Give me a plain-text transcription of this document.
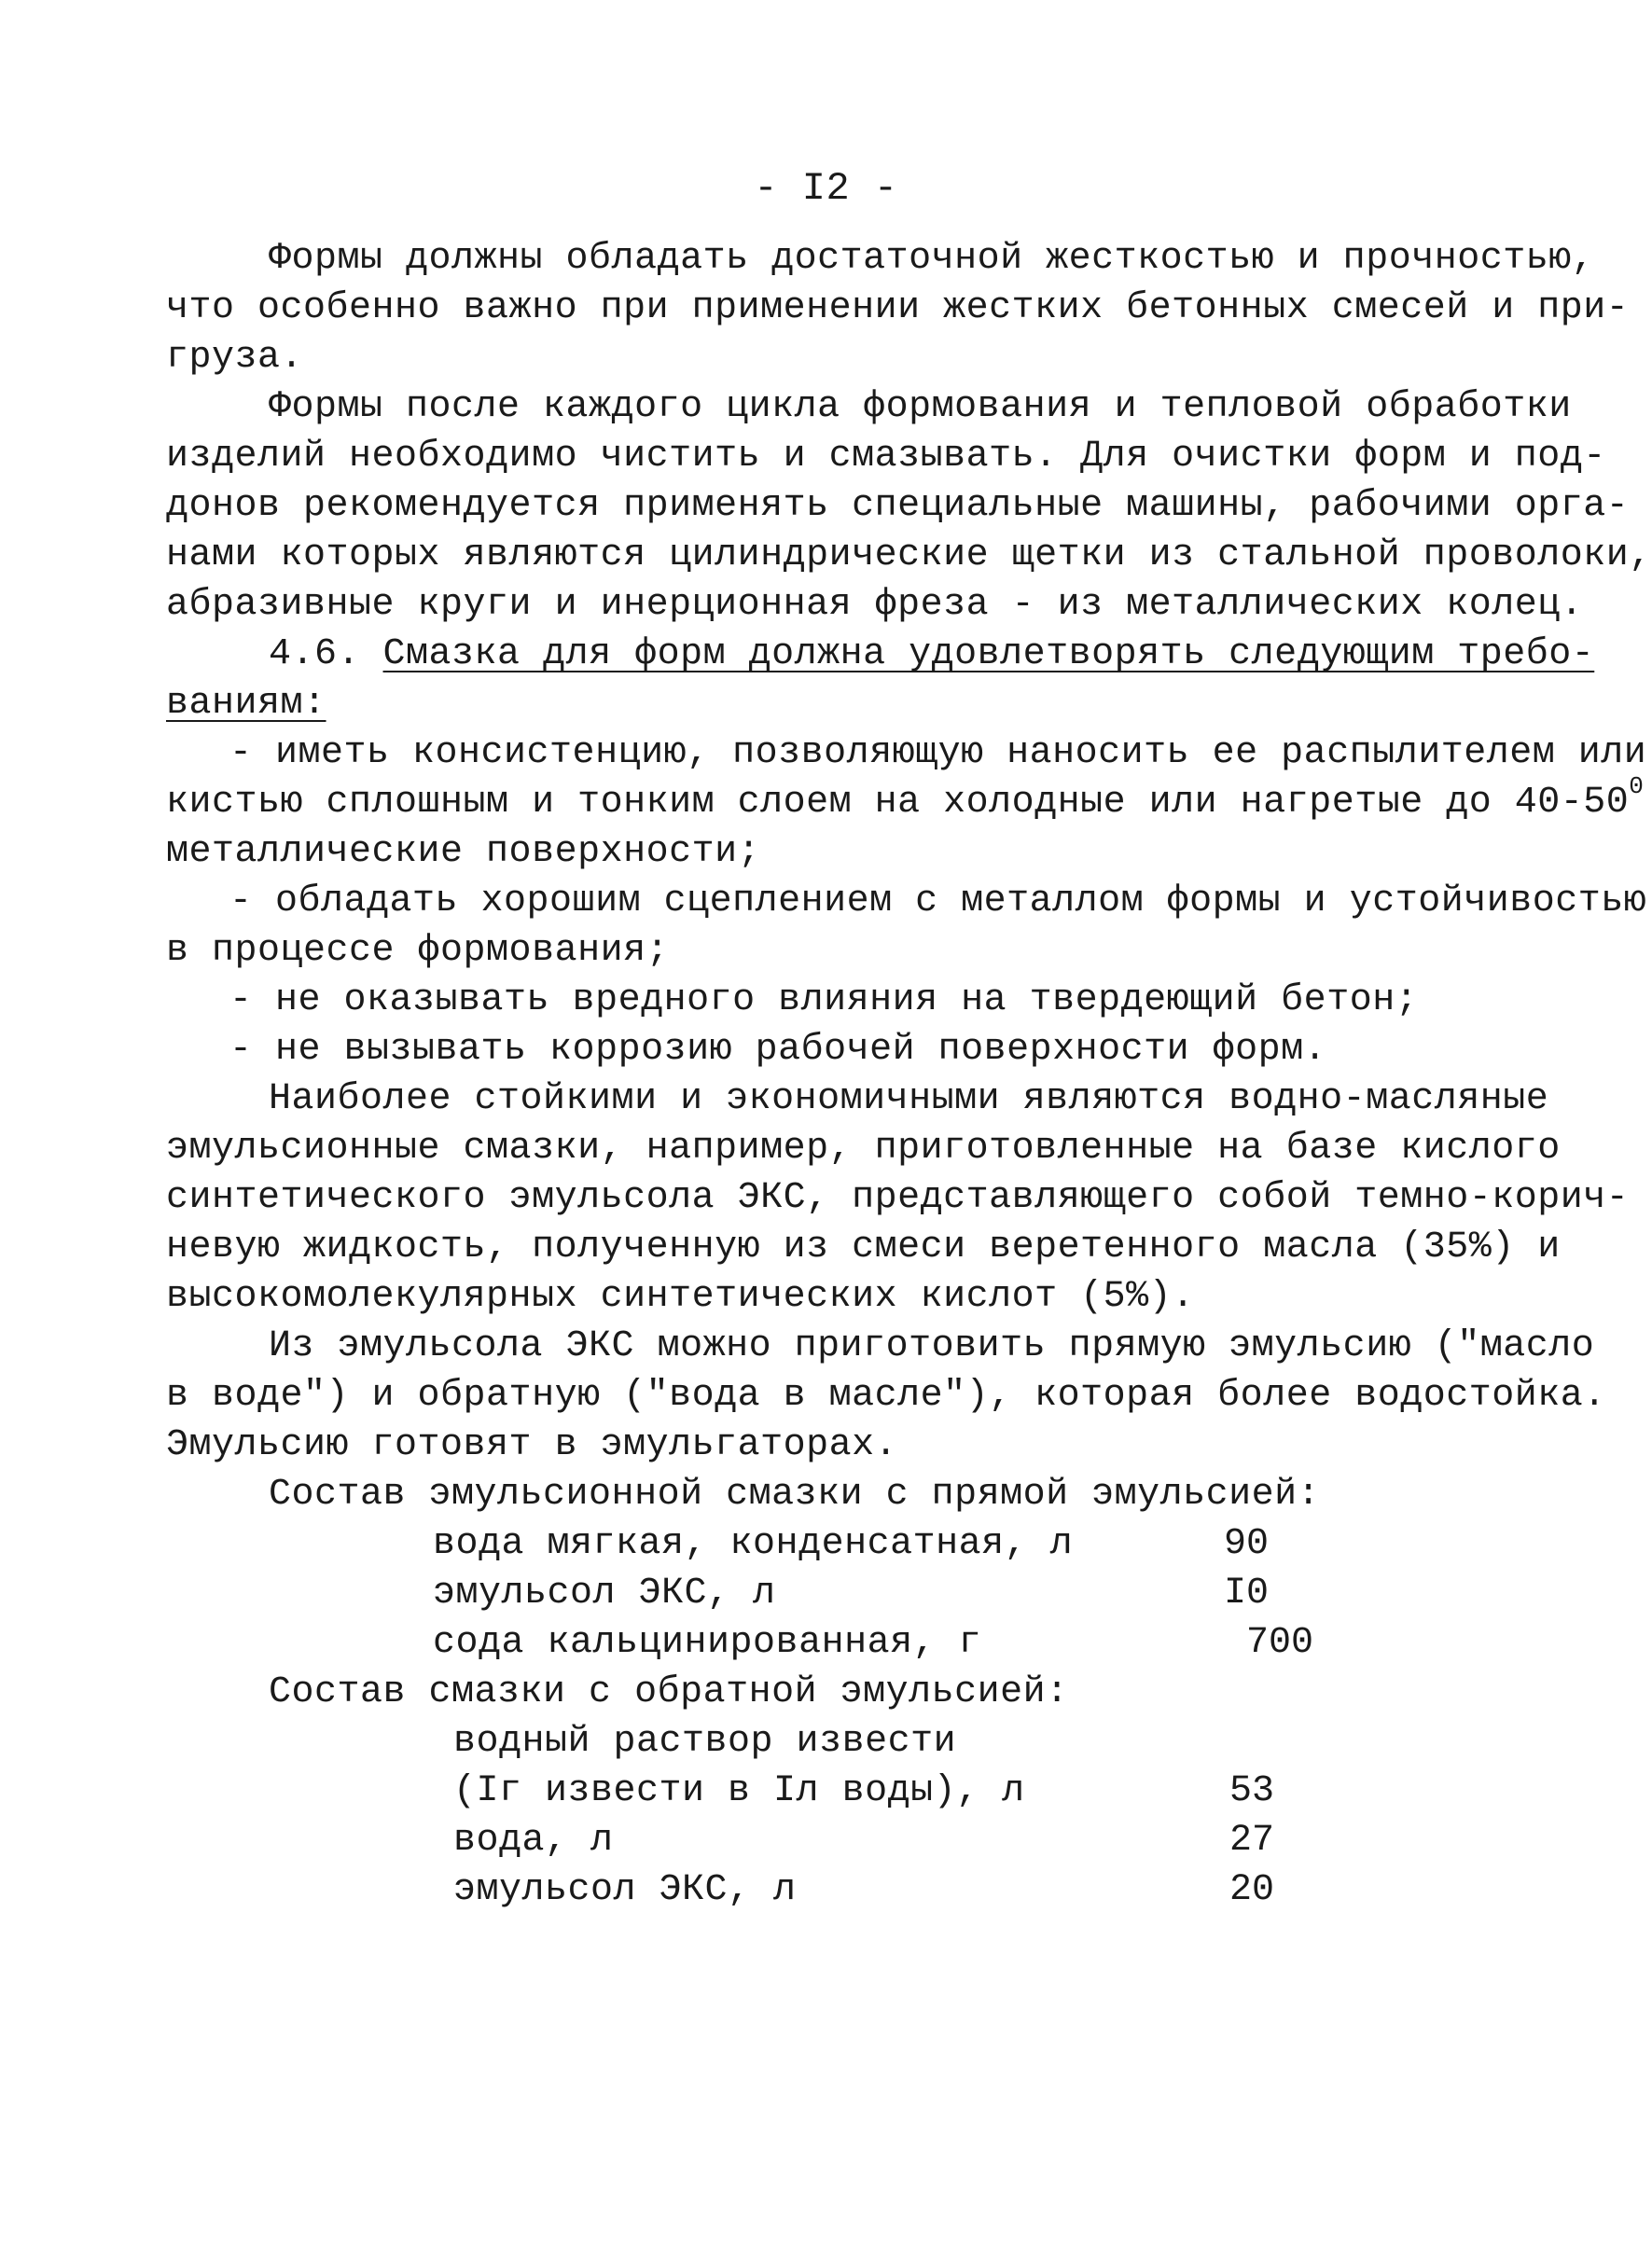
- I2 -
Формы должны обладать достаточной жесткостью и прочностью,
что особенно важно при применении жестких бетонных смесей и при-
груза.
Формы после каждого цикла формования и тепловой обработки
изделий необходимо чистить и смазывать. Для очистки форм и под-
донов рекомендуется применять специальные машины, рабочими орга-
нами которых являются цилиндрические щетки из стальной проволоки,
абразивные круги и инерционная фреза - из металлических колец.
4.6. Смазка для форм должна удовлетворять следующим требо-
ваниям:
- иметь консистенцию, позволяющую наносить ее распылителем или
кистью сплошным и тонким слоем на холодные или нагретые до $40-50^0$
металлические поверхности;
- обладать хорошим сцеплением с металлом формы и устойчивостью
в процессе формования;
- не оказывать вредного влияния на твердеющий бетон;
- не вызывать коррозию рабочей поверхности форм.
Наиболее стойкими и экономичными являются водно-масляные
эмульсионные смазки, например, приготовленные на базе кислого
синтетического эмульсола ЭКС, представляющего собой темно-корич-
невую жидкость, полученную из смеси веретенного масла (35%) и
высокомолекулярных синтетических кислот (5%).
Из эмульсола ЭКС можно приготовить прямую эмульсию ("масло
в воде") и обратную ("вода в масле"), которая более водостойка.
Эмульсию готовят в эмульгаторах.
Состав эмульсионной смазки с прямой эмульсией:
вода мягкая, конденсатная, л	90
эмульсол ЭКС, л	I0
сода кальцинированная, г	700
Состав смазки с обратной эмульсией:
водный раствор извести
(Iг извести в Iл воды), л	53
вода, л	27
эмульсол ЭКС, л	20
